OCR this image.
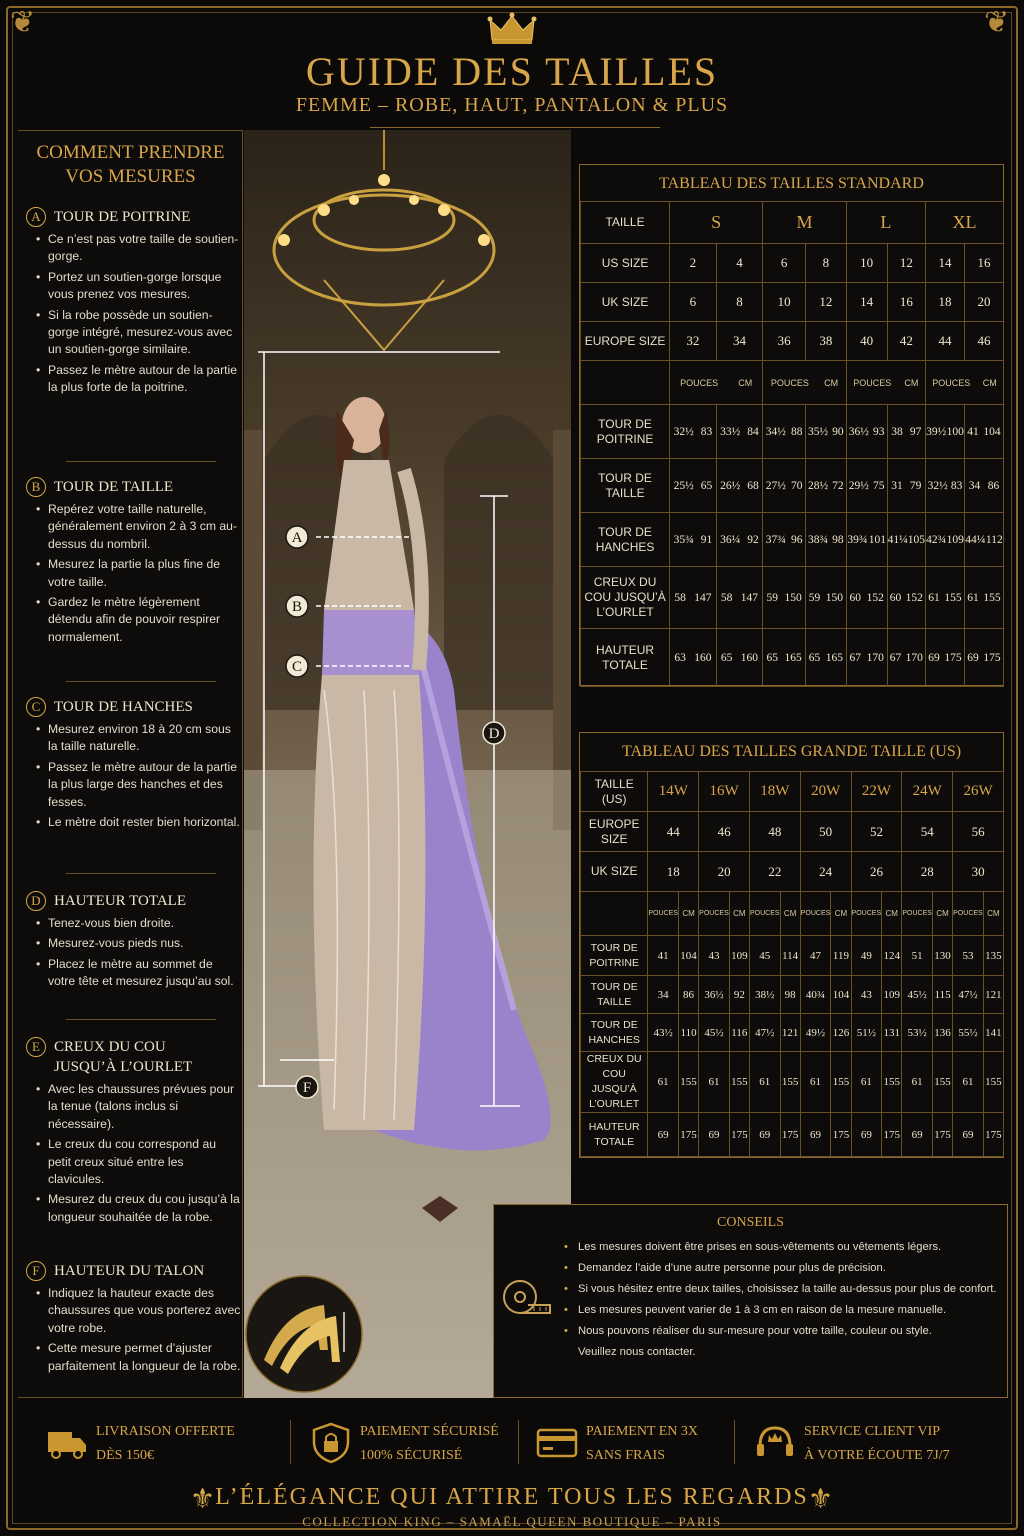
❦	❦
GUIDE DES TAILLES
FEMME – ROBE, HAUT, PANTALON & PLUS
COMMENT PRENDRE
VOS MESURES
A TOUR DE POITRINE
• Ce n’est pas votre taille de soutien-gorge.
• Portez un soutien-gorge lorsque vous prenez vos mesures.
• Si la robe possède un soutien-gorge intégré, mesurez-vous avec un soutien-gorge similaire.
• Passez le mètre autour de la partie la plus forte de la poitrine.
B TOUR DE TAILLE
• Repérez votre taille naturelle, généralement environ 2 à 3 cm au-dessus du nombril.
• Mesurez la partie la plus fine de votre taille.
• Gardez le mètre légèrement détendu afin de pouvoir respirer normalement.
C TOUR DE HANCHES
• Mesurez environ 18 à 20 cm sous la taille naturelle.
• Passez le mètre autour de la partie la plus large des hanches et des fesses.
• Le mètre doit rester bien horizontal.
D HAUTEUR TOTALE
• Tenez-vous bien droite.
• Mesurez-vous pieds nus.
• Placez le mètre au sommet de votre tête et mesurez jusqu’au sol.
E CREUX DU COU
JUSQU’À L’OURLET
• Avec les chaussures prévues pour la tenue (talons inclus si nécessaire).
• Le creux du cou correspond au petit creux situé entre les clavicules.
• Mesurez du creux du cou jusqu’à la longueur souhaitée de la robe.
F HAUTEUR DU TALON
• Indiquez la hauteur exacte des chaussures que vous porterez avec votre robe.
• Cette mesure permet d’ajuster parfaitement la longueur de la robe.
A
B
C
D
F
TABLEAU DES TAILLES STANDARD
TAILLE	S		M		L		XL	
US SIZE	2	4	6	8	10	12	14	16
UK SIZE	6	8	10	12	14	16	18	20
EUROPE SIZE	32	34	36	38	40	42	44	46

	POUCES CM		POUCES CM		POUCES CM		POUCES CM	

TOUR DE POITRINE	32½ 83	33½ 84	34½ 88	35½ 90	36½ 93	38 97	39½ 100	41 104

TOUR DE TAILLE	25½ 65	26½ 68	27½ 70	28½ 72	29½ 75	31 79	32½ 83	34 86

TOUR DE HANCHES	35¾ 91	36¼ 92	37¾ 96	38¾ 98	39¾ 101	41¼ 105	42¾ 109	44¼ 112

CREUX DU COU JUSQU’À L’OURLET	58 147	58 147	59 150	59 150	60 152	60 152	61 155	61 155

HAUTEUR TOTALE	63 160	65 160	65 165	65 165	67 170	67 170	69 175	69 175
TABLEAU DES TAILLES GRANDE TAILLE (US)
TAILLE (US)	14W		16W		18W		20W		22W		24W		26W	
EUROPE SIZE	44		46		48		50		52		54		56	
UK SIZE	18		20		22		24		26		28		30	
	POUCES	CM	POUCES	CM	POUCES	CM	POUCES	CM	POUCES	CM	POUCES	CM	POUCES	CM
TOUR DE POITRINE	41	104	43	109	45	114	47	119	49	124	51	130	53	135
TOUR DE TAILLE	34	86	36½	92	38½	98	40¾	104	43	109	45½	115	47½	121
TOUR DE HANCHES	43½	110	45½	116	47½	121	49½	126	51½	131	53½	136	55½	141
CREUX DU COU JUSQU’À L’OURLET	61	155	61	155	61	155	61	155	61	155	61	155	61	155
HAUTEUR TOTALE	69	175	69	175	69	175	69	175	69	175	69	175	69	175
CONSEILS
• Les mesures doivent être prises en sous-vêtements ou vêtements légers.
• Demandez l’aide d’une autre personne pour plus de précision.
• Si vous hésitez entre deux tailles, choisissez la taille au-dessus pour plus de confort.
• Les mesures peuvent varier de 1 à 3 cm en raison de la mesure manuelle.
• Nous pouvons réaliser du sur-mesure pour votre taille, couleur ou style.
Veuillez nous contacter.
LIVRAISON OFFERTE
DÈS 150€
PAIEMENT SÉCURISÉ
100% SÉCURISÉ
PAIEMENT EN 3X
SANS FRAIS
SERVICE CLIENT VIP
À VOTRE ÉCOUTE 7J/7
⚜	⚜
L’ÉLÉGANCE QUI ATTIRE TOUS LES REGARDS
COLLECTION KING – SAMAËL QUEEN BOUTIQUE – PARIS
